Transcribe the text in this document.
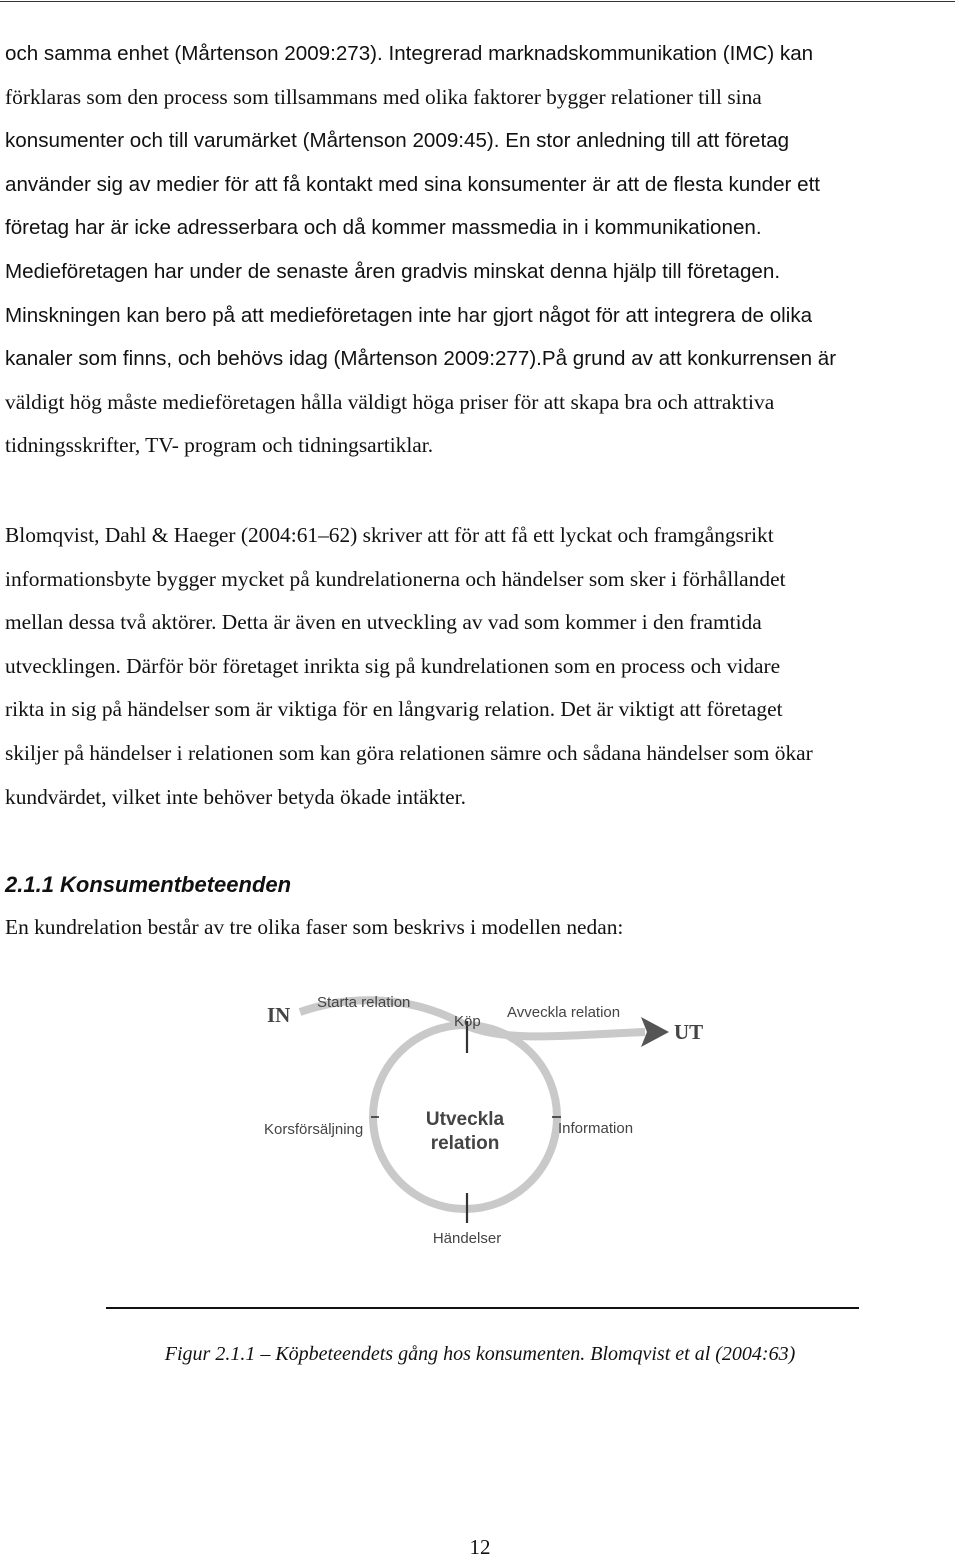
och samma enhet (Mårtenson 2009:273). Integrerad marknadskommunikation (IMC) kan
förklaras som den process som tillsammans med olika faktorer bygger relationer till sina
konsumenter och till varumärket (Mårtenson 2009:45). En stor anledning till att företag
använder sig av medier för att få kontakt med sina konsumenter är att de flesta kunder ett
företag har är icke adresserbara och då kommer massmedia in i kommunikationen.
Medieföretagen har under de senaste åren gradvis minskat denna hjälp till företagen.
Minskningen kan bero på att medieföretagen inte har gjort något för att integrera de olika
kanaler som finns, och behövs idag (Mårtenson 2009:277).På grund av att konkurrensen är
väldigt hög måste medieföretagen hålla väldigt höga priser för att skapa bra och attraktiva
tidningsskrifter, TV- program och tidningsartiklar.
Blomqvist, Dahl & Haeger (2004:61–62) skriver att för att få ett lyckat och framgångsrikt
informationsbyte bygger mycket på kundrelationerna och händelser som sker i förhållandet
mellan dessa två aktörer. Detta är även en utveckling av vad som kommer i den framtida
utvecklingen. Därför bör företaget inrikta sig på kundrelationen som en process och vidare
rikta in sig på händelser som är viktiga för en långvarig relation. Det är viktigt att företaget
skiljer på händelser i relationen som kan göra relationen sämre och sådana händelser som ökar
kundvärdet, vilket inte behöver betyda ökade intäkter.
2.1.1 Konsumentbeteenden

En kundrelation består av tre olika faser som beskrivs i modellen nedan:

IN
Starta relation
Köp
Avveckla relation
UT
Utveckla
relation
Korsförsäljning	Information
Händelser

Figur 2.1.1 – Köpbeteendets gång hos konsumenten. Blomqvist et al (2004:63)

12
